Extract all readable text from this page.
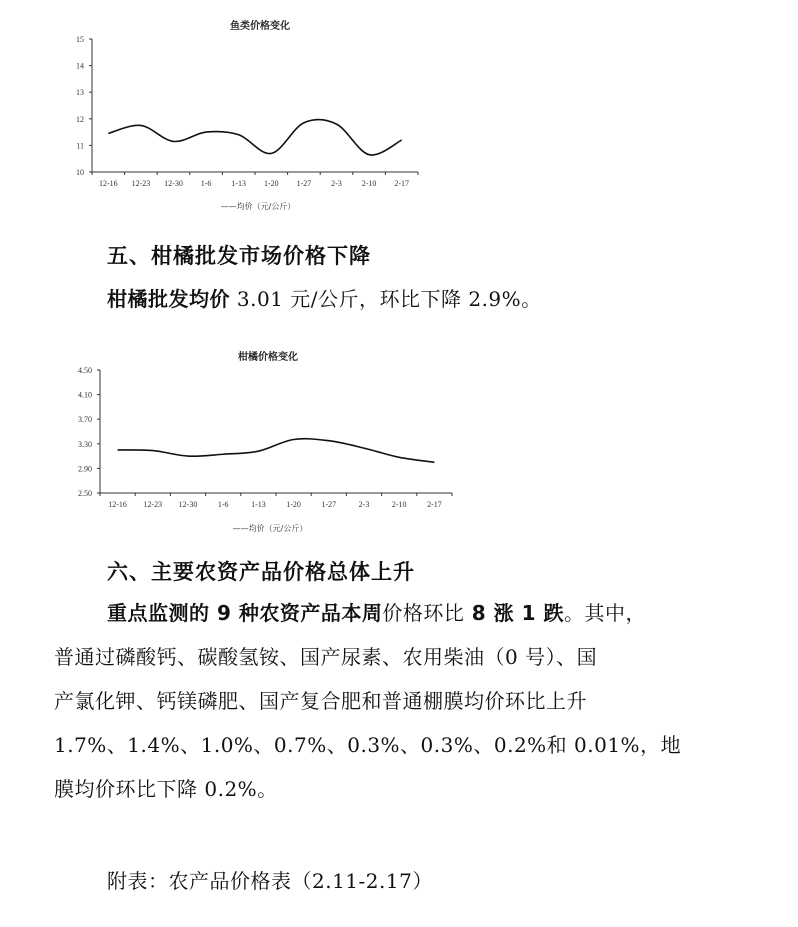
鱼类价格变化
15
14
13
12
11
10
12-16 12-23 12-30 1-6 1-13 1-20 1-27 2-3 2-10 2-17
——均价（元/公斤）
五、柑橘批发市场价格下降

柑橘批发均价 3.01 元/公斤，环比下降 2.9%。

柑橘价格变化
4.50
4.10
3.70
3.30
2.90
2.50
12-16 12-23 12-30	1-6	1-13	1-20	1-27	2-3	2-10	2-17
——均价（元/公斤）
六、主要农资产品价格总体上升

重点监测的 9 种农资产品本周价格环比 8 涨 1 跌。其中，

普通过磷酸钙、碳酸氢铵、国产尿素、农用柴油（0 号）、国

产氯化钾、钙镁磷肥、国产复合肥和普通棚膜均价环比上升

1.7%、1.4%、1.0%、0.7%、0.3%、0.3%、0.2%和 0.01%，地

膜均价环比下降 0.2%。

附表：农产品价格表（2.11-2.17）
